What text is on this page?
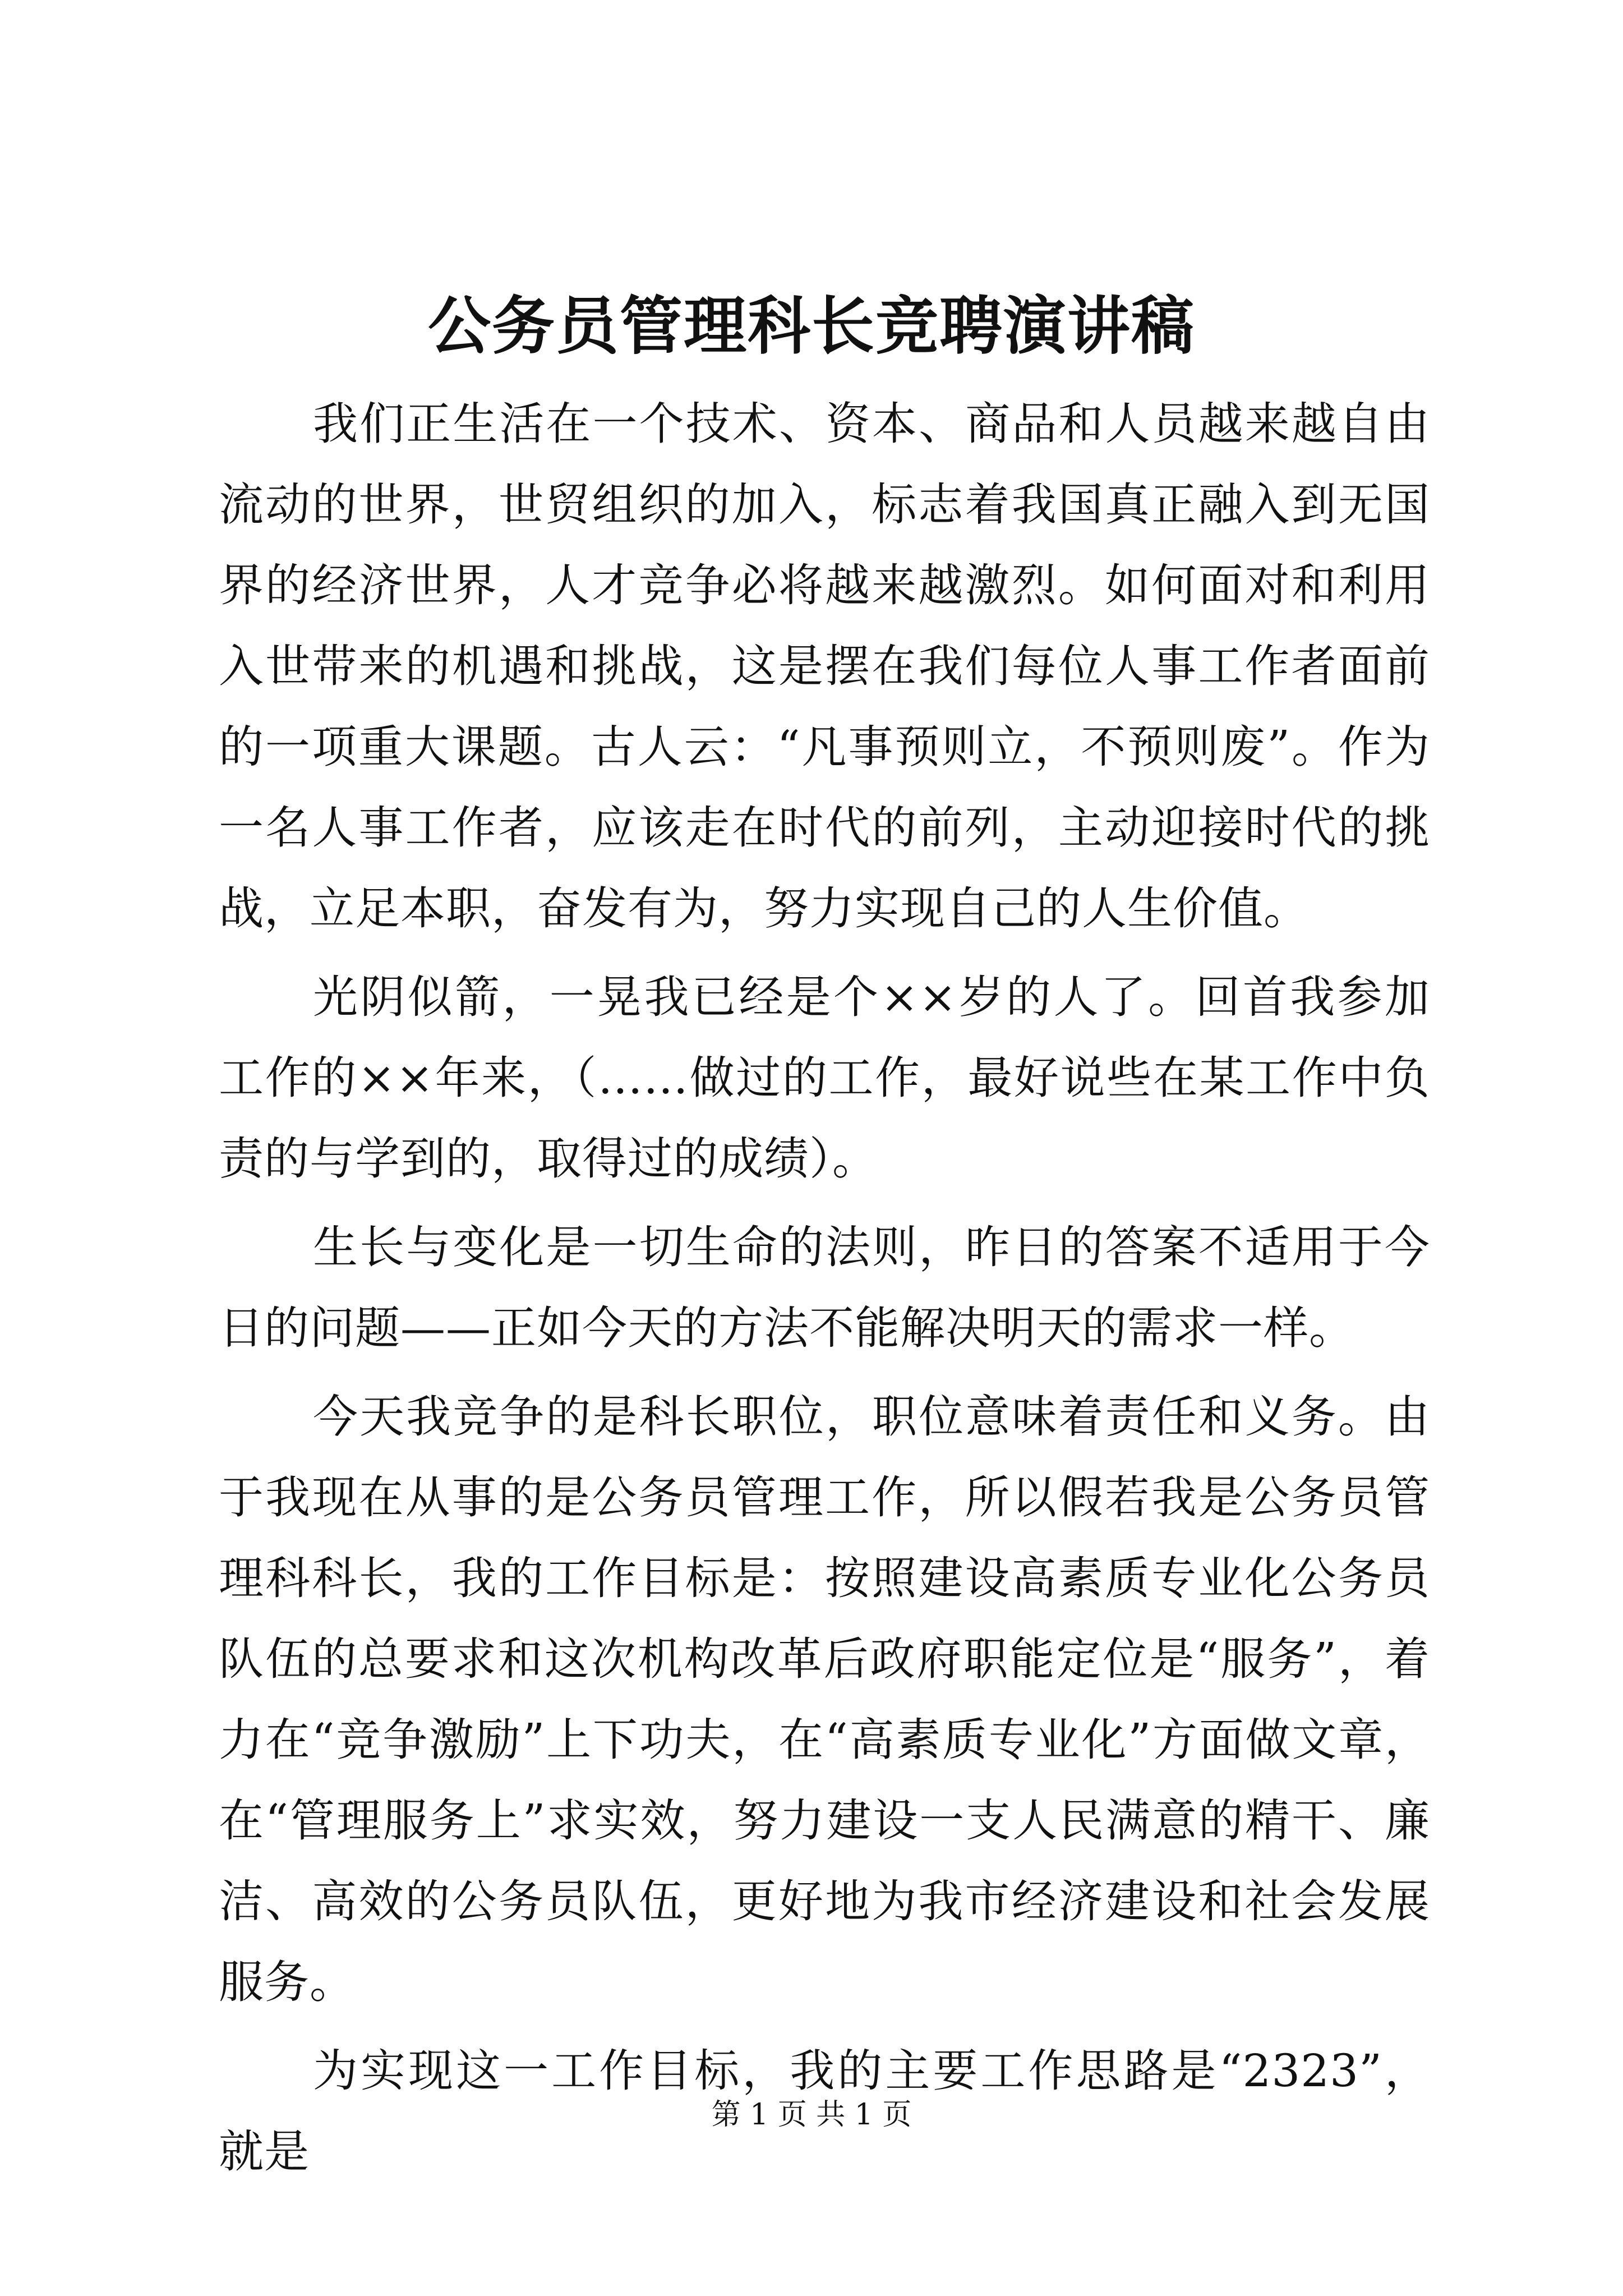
公务员管理科长竞聘演讲稿

我们正生活在一个技术、资本、商品和人员越来越自由流动的世界，世贸组织的加入，标志着我国真正融入到无国界的经济世界，人才竞争必将越来越激烈。如何面对和利用入世带来的机遇和挑战，这是摆在我们每位人事工作者面前的一项重大课题。古人云：“凡事预则立，不预则废”。作为一名人事工作者，应该走在时代的前列，主动迎接时代的挑战，立足本职，奋发有为，努力实现自己的人生价值。

光阴似箭，一晃我已经是个××岁的人了。回首我参加工作的××年来，（……做过的工作，最好说些在某工作中负责的与学到的，取得过的成绩）。

生长与变化是一切生命的法则，昨日的答案不适用于今日的问题——正如今天的方法不能解决明天的需求一样。

今天我竞争的是科长职位，职位意味着责任和义务。由于我现在从事的是公务员管理工作，所以假若我是公务员管理科科长，我的工作目标是：按照建设高素质专业化公务员队伍的总要求和这次机构改革后政府职能定位是“服务”，着力在“竞争激励”上下功夫，在“高素质专业化”方面做文章，在“管理服务上”求实效，努力建设一支人民满意的精干、廉洁、高效的公务员队伍，更好地为我市经济建设和社会发展服务。

为实现这一工作目标，我的主要工作思路是“2323”，就是

第 1 页 共 1 页
